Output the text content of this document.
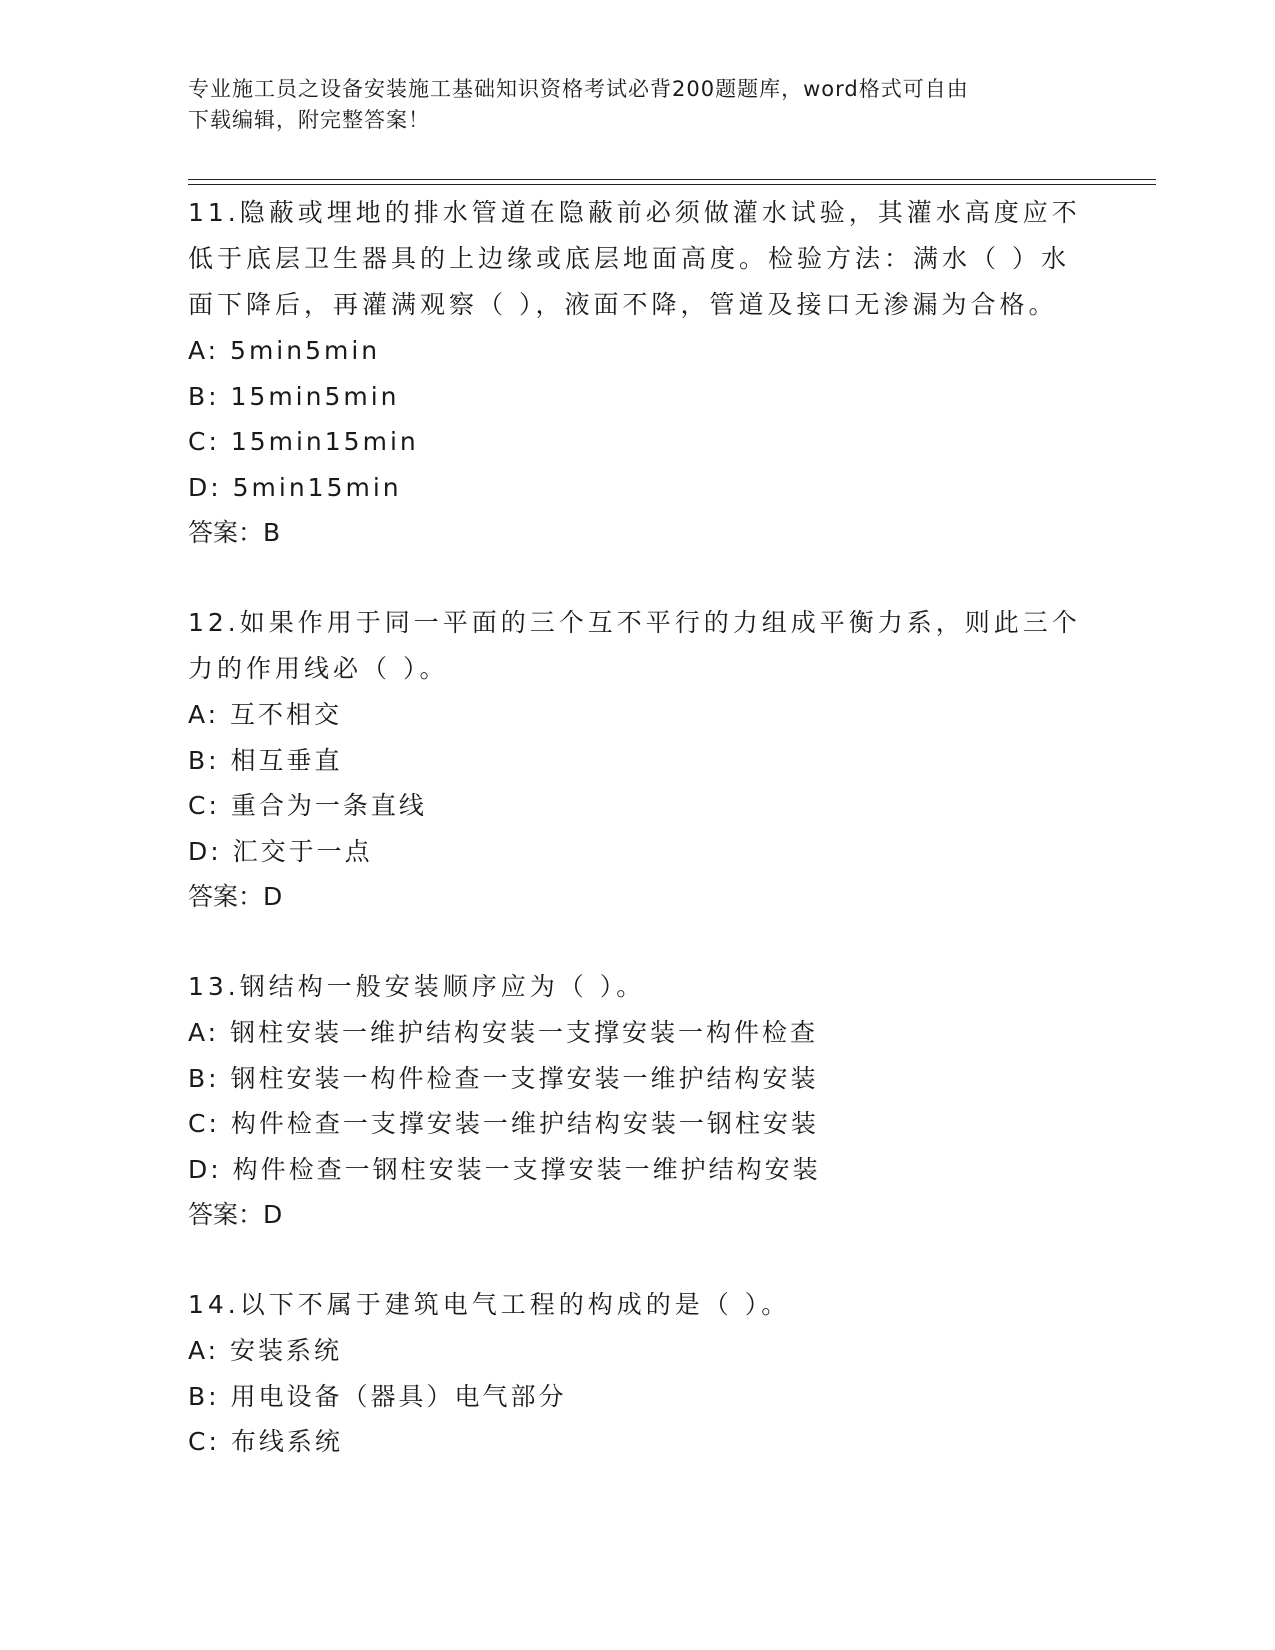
专业施工员之设备安装施工基础知识资格考试必背200题题库，word格式可自由
下载编辑，附完整答案！
11.隐蔽或埋地的排水管道在隐蔽前必须做灌水试验，其灌水高度应不
低于底层卫生器具的上边缘或底层地面高度。检验方法：满水（ ）水
面下降后，再灌满观察（ ），液面不降，管道及接口无渗漏为合格。
A: 5min5min
B: 15min5min
C: 15min15min
D: 5min15min
答案：B
12.如果作用于同一平面的三个互不平行的力组成平衡力系，则此三个
力的作用线必（ ）。
A: 互不相交
B: 相互垂直
C: 重合为一条直线
D: 汇交于一点
答案：D
13.钢结构一般安装顺序应为（ ）。
A: 钢柱安装一维护结构安装一支撑安装一构件检查
B: 钢柱安装一构件检查一支撑安装一维护结构安装
C: 构件检查一支撑安装一维护结构安装一钢柱安装
D: 构件检查一钢柱安装一支撑安装一维护结构安装
答案：D
14.以下不属于建筑电气工程的构成的是（ ）。
A: 安装系统
B: 用电设备（器具）电气部分
C: 布线系统
